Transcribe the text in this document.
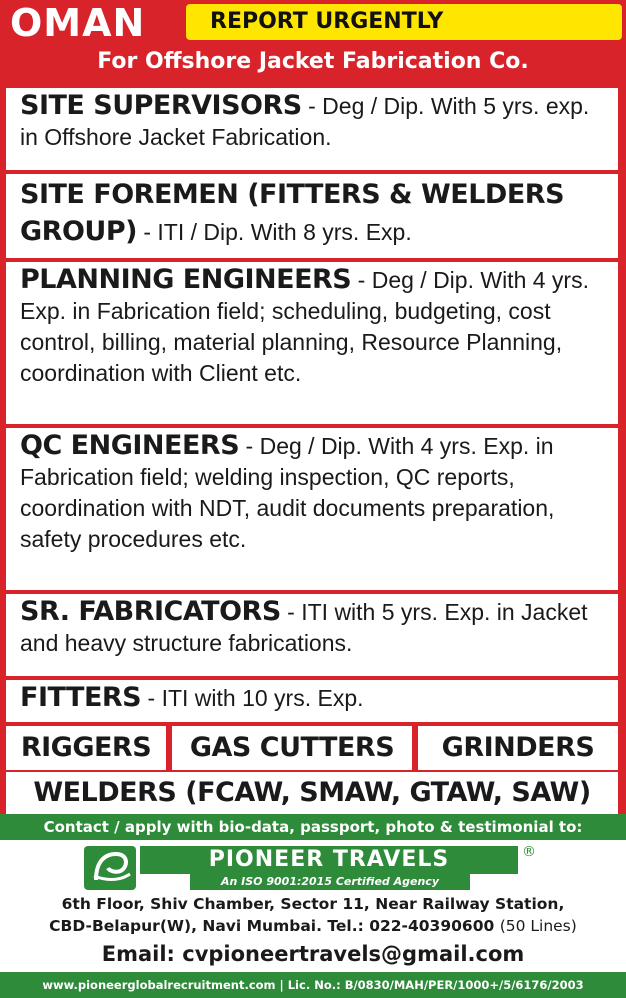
OMAN	REPORT URGENTLY
For Offshore Jacket Fabrication Co.
SITE SUPERVISORS - Deg / Dip. With 5 yrs. exp. in Offshore Jacket Fabrication.
SITE FOREMEN (FITTERS & WELDERS GROUP) - ITI / Dip. With 8 yrs. Exp.
PLANNING ENGINEERS - Deg / Dip. With 4 yrs. Exp. in Fabrication field; scheduling, budgeting, cost control, billing, material planning, Resource Planning, coordination with Client etc.
QC ENGINEERS - Deg / Dip. With 4 yrs. Exp. in Fabrication field; welding inspection, QC reports, coordination with NDT, audit documents preparation, safety procedures etc.
SR. FABRICATORS - ITI with 5 yrs. Exp. in Jacket and heavy structure fabrications.
FITTERS - ITI with 10 yrs. Exp.
RIGGERS	GAS CUTTERS	GRINDERS
WELDERS (FCAW, SMAW, GTAW, SAW)
Contact / apply with bio-data, passport, photo & testimonial to:
PIONEER TRAVELS	®
An ISO 9001:2015 Certified Agency
6th Floor, Shiv Chamber, Sector 11, Near Railway Station,
CBD-Belapur(W), Navi Mumbai. Tel.: 022-40390600 (50 Lines)
Email: cvpioneertravels@gmail.com
www.pioneerglobalrecruitment.com | Lic. No.: B/0830/MAH/PER/1000+/5/6176/2003
